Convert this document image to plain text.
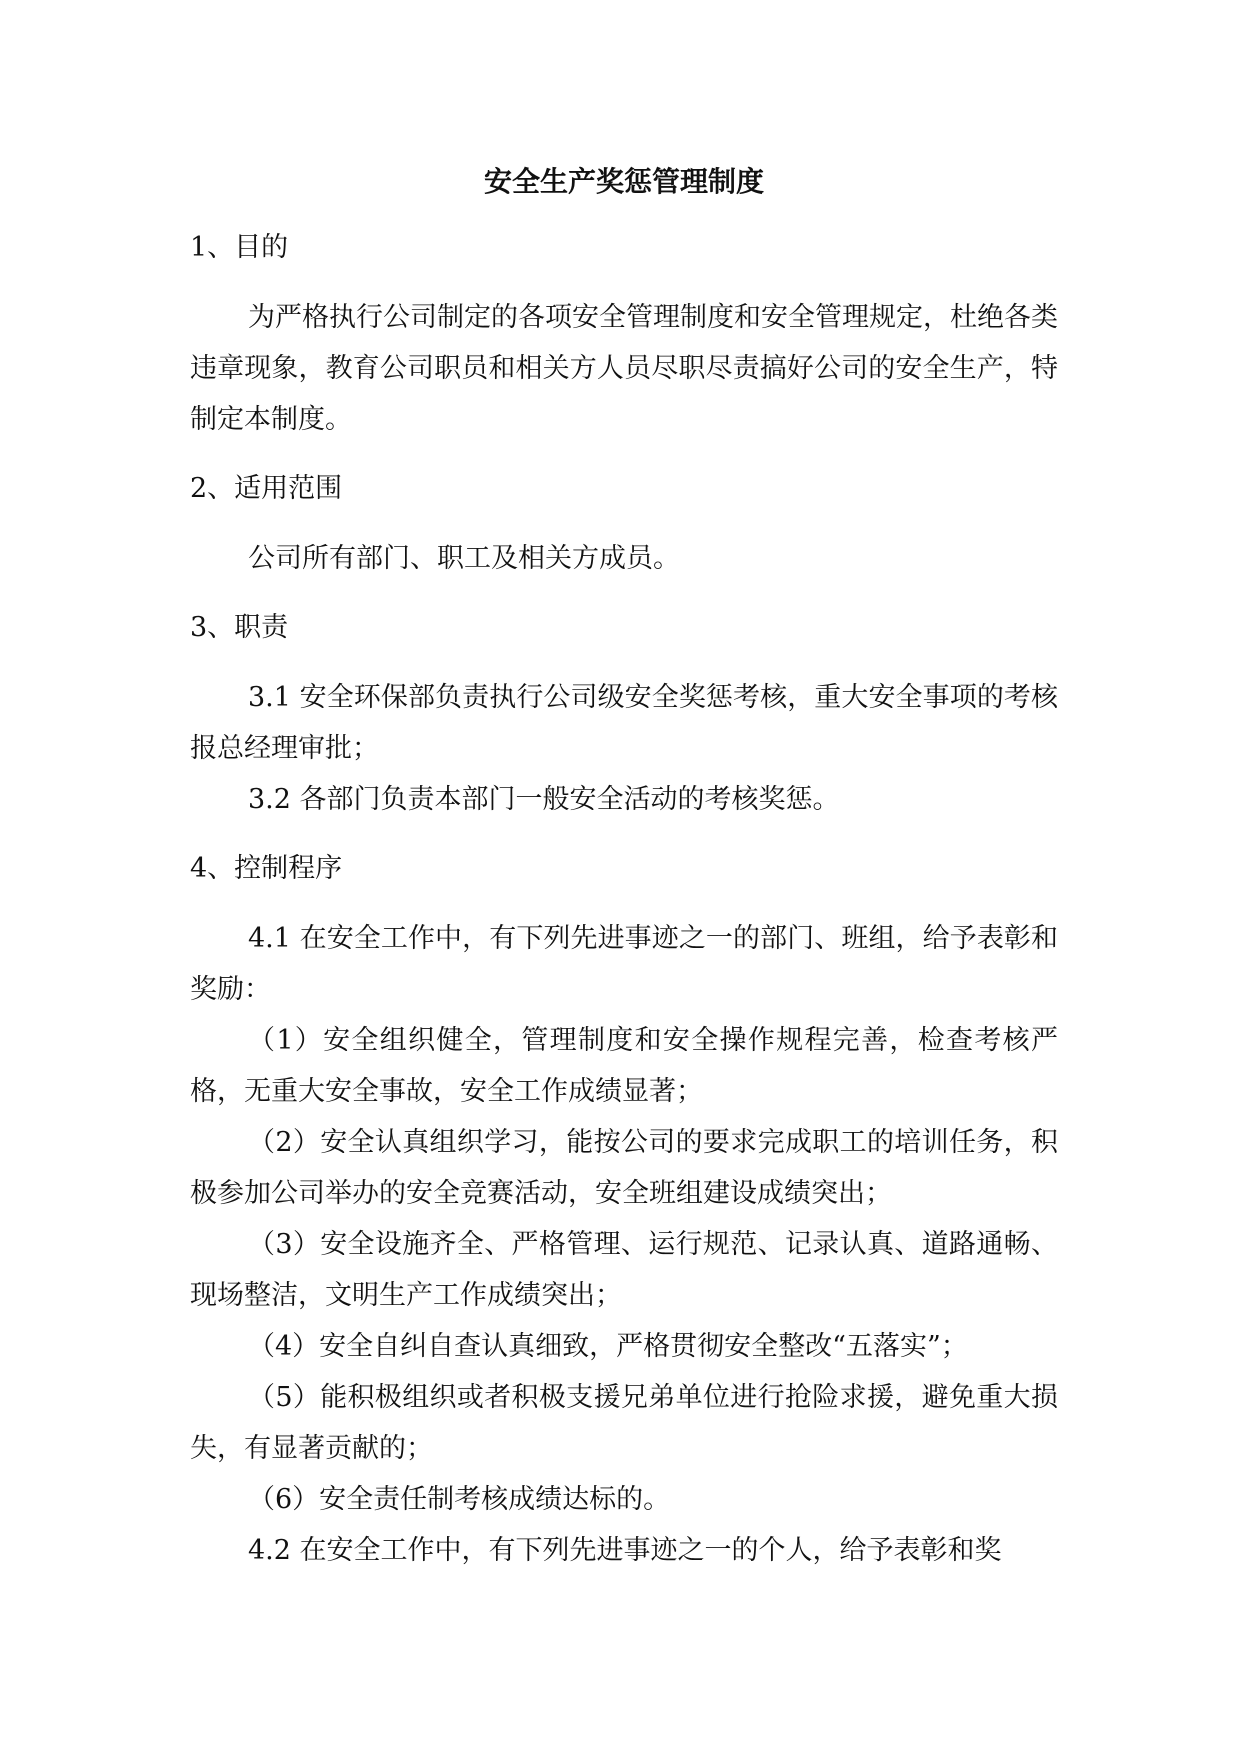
安全生产奖惩管理制度
1、目的
为严格执行公司制定的各项安全管理制度和安全管理规定，杜绝各类违章现象，教育公司职员和相关方人员尽职尽责搞好公司的安全生产，特制定本制度。
2、适用范围
公司所有部门、职工及相关方成员。
3、职责
3.1 安全环保部负责执行公司级安全奖惩考核，重大安全事项的考核报总经理审批；
3.2 各部门负责本部门一般安全活动的考核奖惩。
4、控制程序
4.1 在安全工作中，有下列先进事迹之一的部门、班组，给予表彰和奖励：
（1）安全组织健全，管理制度和安全操作规程完善，检查考核严格，无重大安全事故，安全工作成绩显著；
（2）安全认真组织学习，能按公司的要求完成职工的培训任务，积极参加公司举办的安全竞赛活动，安全班组建设成绩突出；
（3）安全设施齐全、严格管理、运行规范、记录认真、道路通畅、现场整洁，文明生产工作成绩突出；
（4）安全自纠自查认真细致，严格贯彻安全整改“五落实”；
（5）能积极组织或者积极支援兄弟单位进行抢险求援，避免重大损失，有显著贡献的；
（6）安全责任制考核成绩达标的。
4.2 在安全工作中，有下列先进事迹之一的个人，给予表彰和奖
